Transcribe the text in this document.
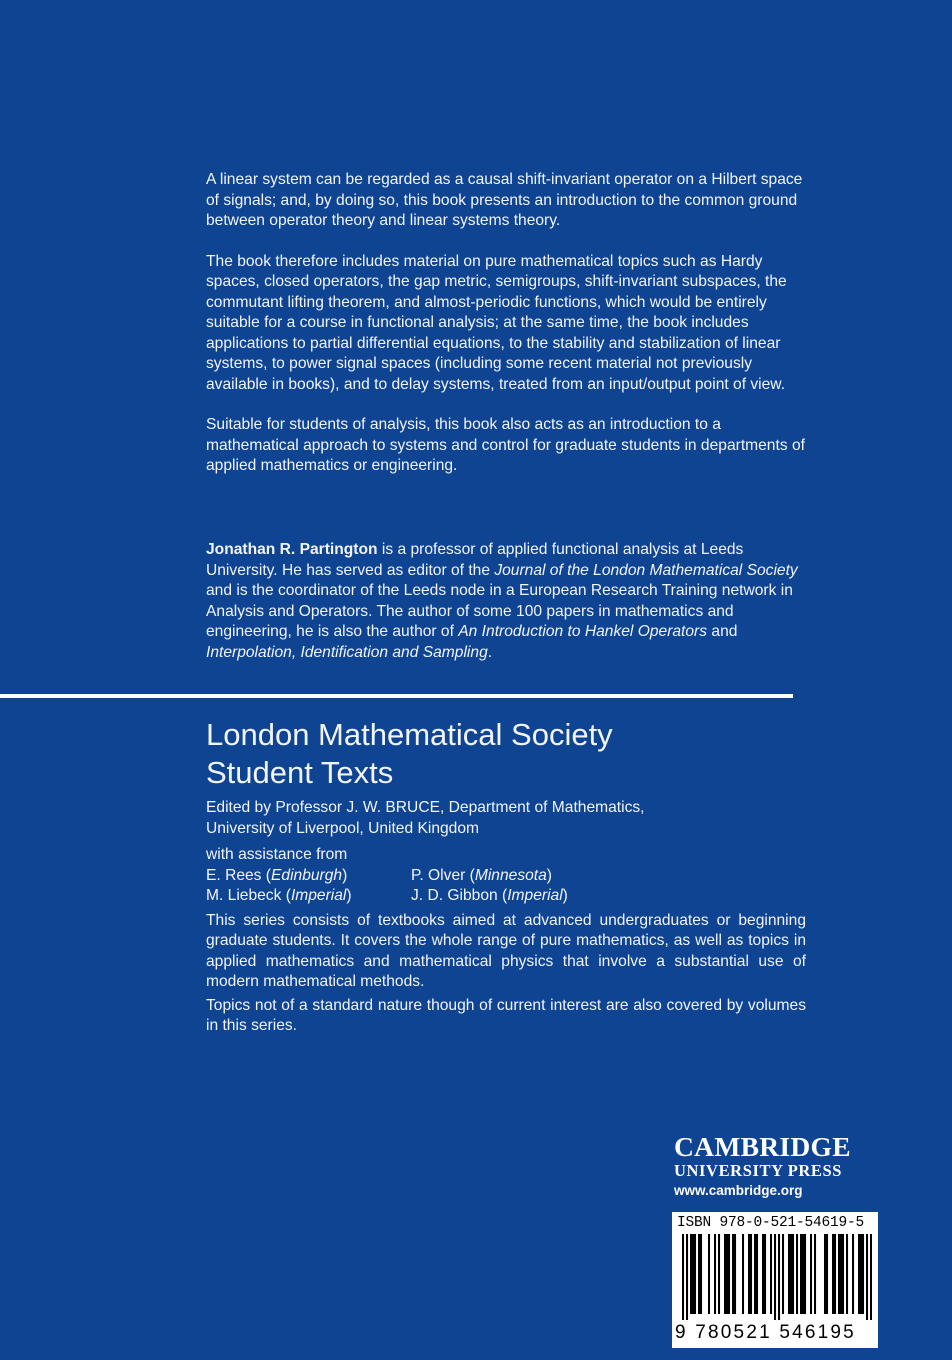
A linear system can be regarded as a causal shift-invariant operator on a Hilbert space of signals; and, by doing so, this book presents an introduction to the common ground between operator theory and linear systems theory.

The book therefore includes material on pure mathematical topics such as Hardy spaces, closed operators, the gap metric, semigroups, shift-invariant subspaces, the commutant lifting theorem, and almost-periodic functions, which would be entirely suitable for a course in functional analysis; at the same time, the book includes applications to partial differential equations, to the stability and stabilization of linear systems, to power signal spaces (including some recent material not previously available in books), and to delay systems, treated from an input/output point of view.

Suitable for students of analysis, this book also acts as an introduction to a mathematical approach to systems and control for graduate students in departments of applied mathematics or engineering.

Jonathan R. Partington is a professor of applied functional analysis at Leeds University. He has served as editor of the Journal of the London Mathematical Society and is the coordinator of the Leeds node in a European Research Training network in Analysis and Operators. The author of some 100 papers in mathematics and engineering, he is also the author of An Introduction to Hankel Operators and Interpolation, Identification and Sampling.

London Mathematical Society
Student Texts
Edited by Professor J. W. BRUCE, Department of Mathematics,
University of Liverpool, United Kingdom
with assistance from
E. Rees (Edinburgh)	P. Olver (Minnesota)
M. Liebeck (Imperial)	J. D. Gibbon (Imperial)
This series consists of textbooks aimed at advanced undergraduates or beginning graduate students. It covers the whole range of pure mathematics, as well as topics in applied mathematics and mathematical physics that involve a substantial use of modern mathematical methods.
Topics not of a standard nature though of current interest are also covered by volumes in this series.
CAMBRIDGE
UNIVERSITY PRESS
www.cambridge.org
ISBN 978-0-521-54619-5
9 780521 546195
